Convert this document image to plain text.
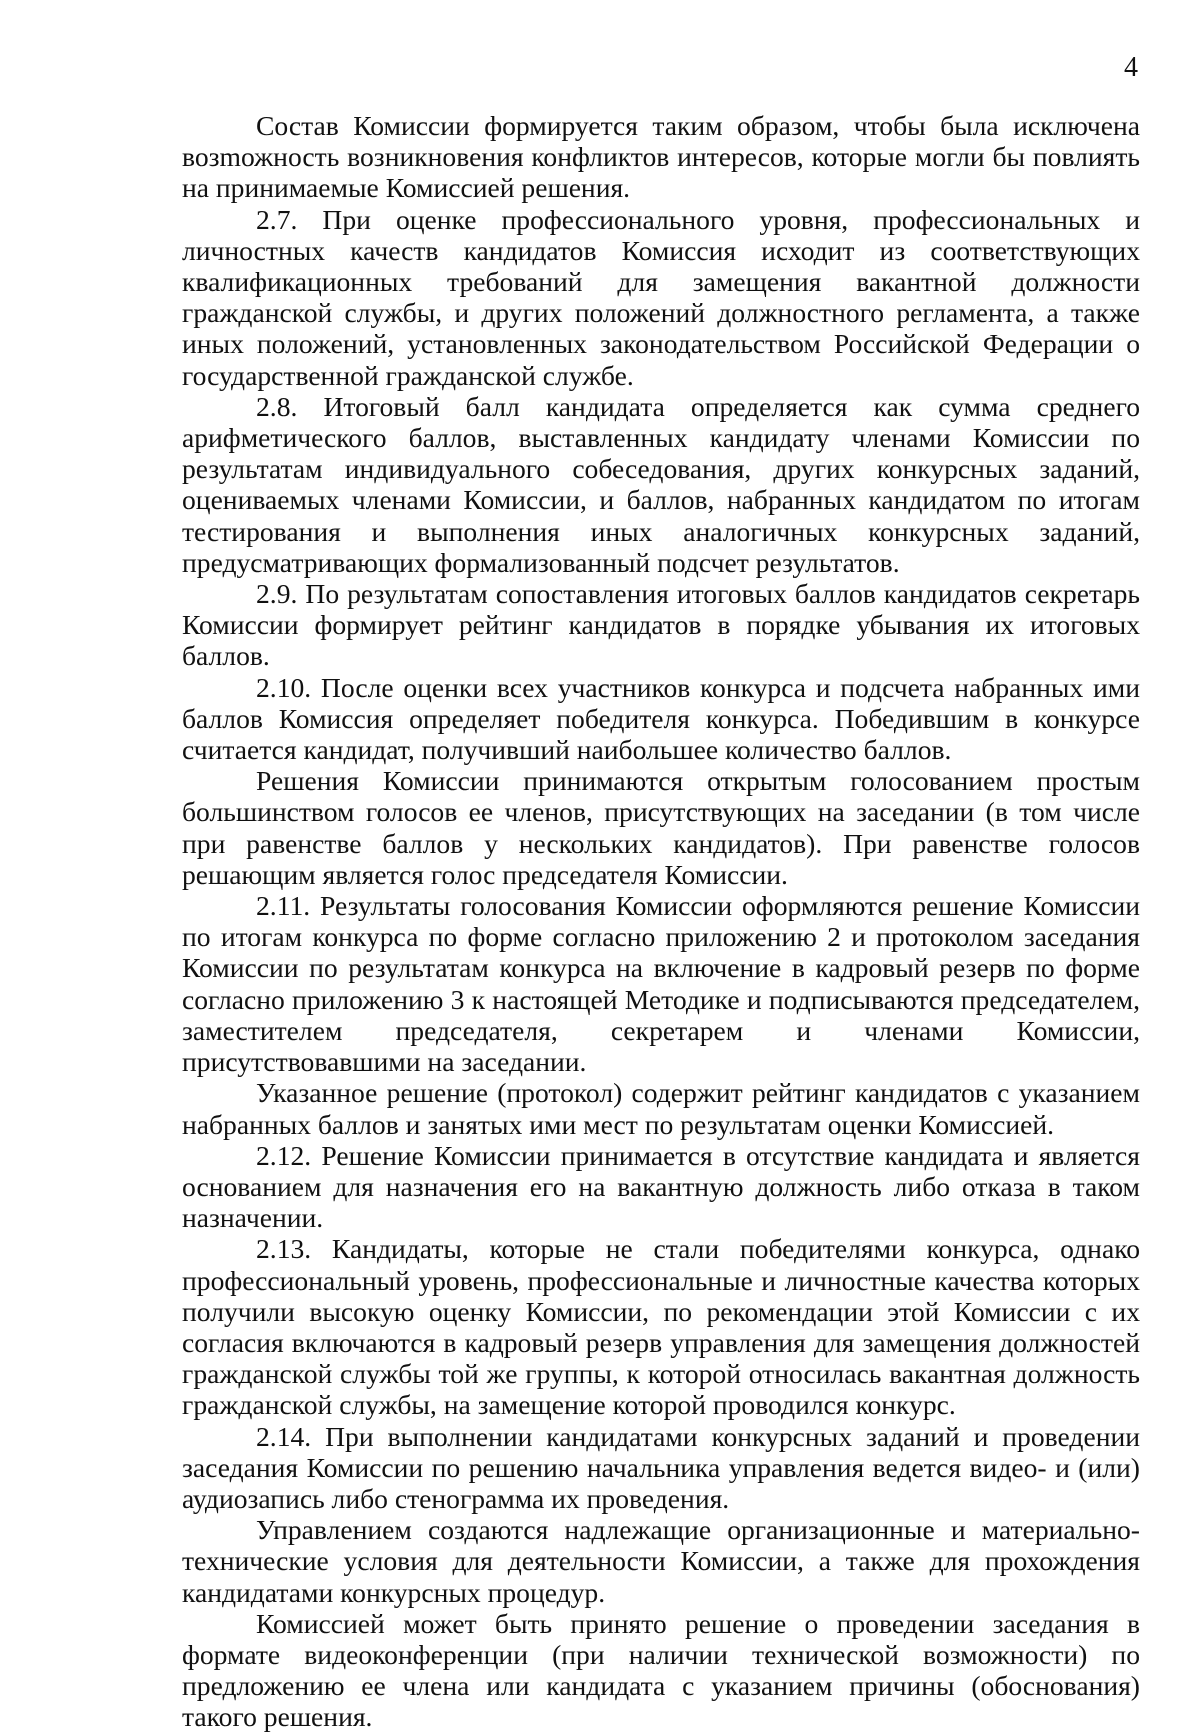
4

Состав Комиссии формируется таким образом, чтобы была исключена возmожность возникновения конфликтов интересов, которые могли бы повлиять на принимаемые Комиссией решения.

2.7. При оценке профессионального уровня, профессиональных и личностных качеств кандидатов Комиссия исходит из соответствующих квалификационных требований для замещения вакантной должности гражданской службы, и других положений должностного регламента, а также иных положений, установленных законодательством Российской Федерации о государственной гражданской службе.

2.8. Итоговый балл кандидата определяется как сумма среднего арифметического баллов, выставленных кандидату членами Комиссии по результатам индивидуального собеседования, других конкурсных заданий, оцениваемых членами Комиссии, и баллов, набранных кандидатом по итогам тестирования и выполнения иных аналогичных конкурсных заданий, предусматривающих формализованный подсчет результатов.

2.9. По результатам сопоставления итоговых баллов кандидатов секретарь Комиссии формирует рейтинг кандидатов в порядке убывания их итоговых баллов.

2.10. После оценки всех участников конкурса и подсчета набранных ими баллов Комиссия определяет победителя конкурса. Победившим в конкурсе считается кандидат, получивший наибольшее количество баллов.

Решения Комиссии принимаются открытым голосованием простым большинством голосов ее членов, присутствующих на заседании (в том числе при равенстве баллов у нескольких кандидатов). При равенстве голосов решающим является голос председателя Комиссии.

2.11. Результаты голосования Комиссии оформляются решение Комиссии по итогам конкурса по форме согласно приложению 2 и протоколом заседания Комиссии по результатам конкурса на включение в кадровый резерв по форме согласно приложению 3 к настоящей Методике и подписываются председателем, заместителем председателя, секретарем и членами Комиссии, присутствовавшими на заседании.

Указанное решение (протокол) содержит рейтинг кандидатов с указанием набранных баллов и занятых ими мест по результатам оценки Комиссией.

2.12. Решение Комиссии принимается в отсутствие кандидата и является основанием для назначения его на вакантную должность либо отказа в таком назначении.

2.13. Кандидаты, которые не стали победителями конкурса, однако профессиональный уровень, профессиональные и личностные качества которых получили высокую оценку Комиссии, по рекомендации этой Комиссии с их согласия включаются в кадровый резерв управления для замещения должностей гражданской службы той же группы, к которой относилась вакантная должность гражданской службы, на замещение которой проводился конкурс.

2.14. При выполнении кандидатами конкурсных заданий и проведении заседания Комиссии по решению начальника управления ведется видео- и (или) аудиозапись либо стенограмма их проведения.

Управлением создаются надлежащие организационные и материально-технические условия для деятельности Комиссии, а также для прохождения кандидатами конкурсных процедур.

Комиссией может быть принято решение о проведении заседания в формате видеоконференции (при наличии технической возможности) по предложению ее члена или кандидата с указанием причины (обоснования) такого решения.
